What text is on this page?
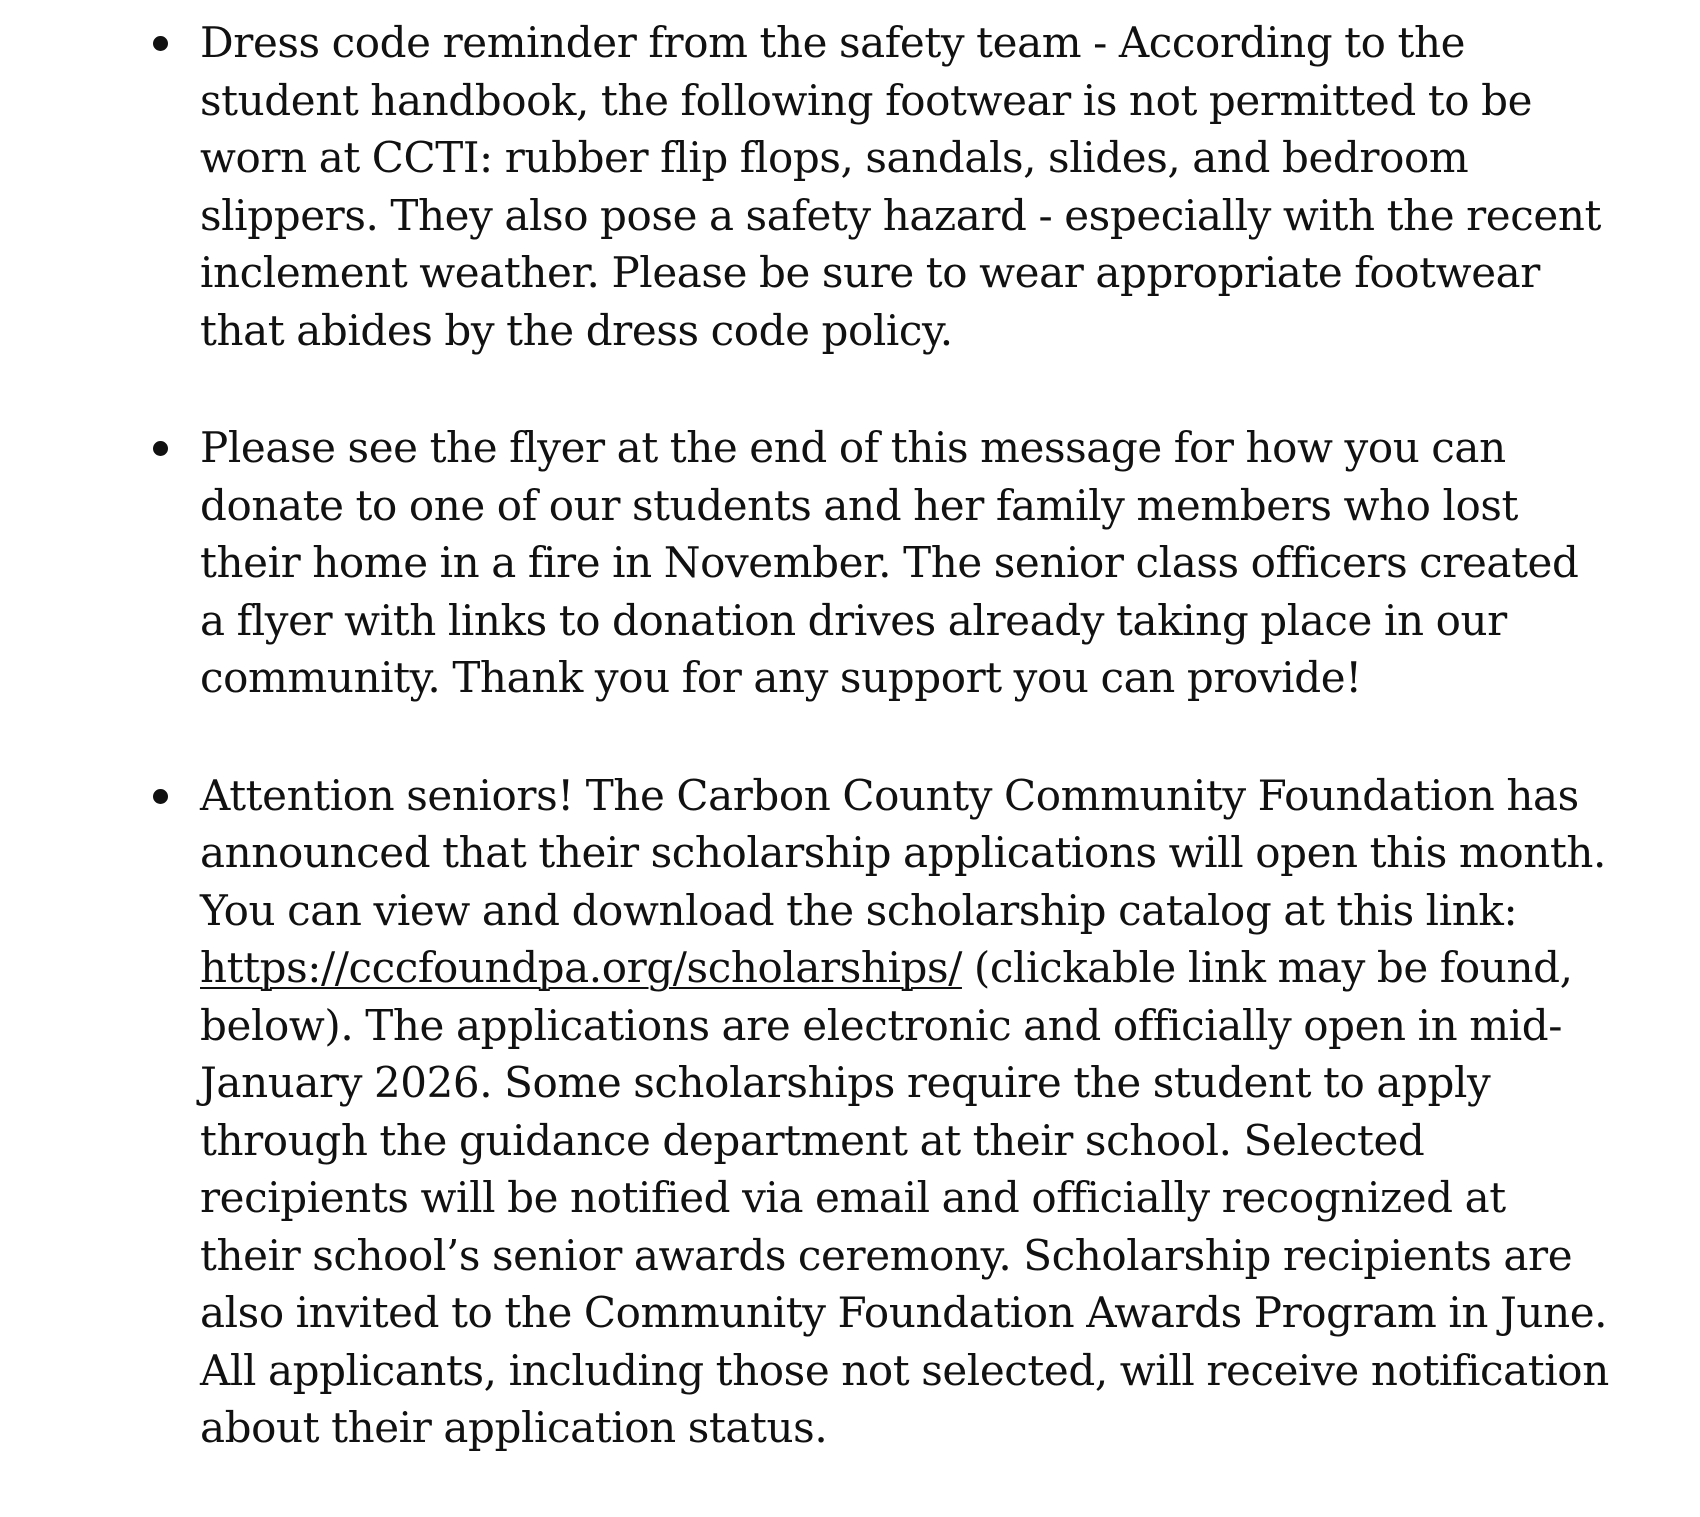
Dress code reminder from the safety team - According to the student handbook, the following footwear is not permitted to be worn at CCTI: rubber flip flops, sandals, slides, and bedroom slippers. They also pose a safety hazard - especially with the recent inclement weather. Please be sure to wear appropriate footwear that abides by the dress code policy.
Please see the flyer at the end of this message for how you can donate to one of our students and her family members who lost their home in a fire in November. The senior class officers created a flyer with links to donation drives already taking place in our community. Thank you for any support you can provide!
Attention seniors! The Carbon County Community Foundation has announced that their scholarship applications will open this month. You can view and download the scholarship catalog at this link: https://cccfoundpa.org/scholarships/ (clickable link may be found, below). The applications are electronic and officially open in mid-January 2026. Some scholarships require the student to apply through the guidance department at their school. Selected recipients will be notified via email and officially recognized at their school’s senior awards ceremony. Scholarship recipients are also invited to the Community Foundation Awards Program in June. All applicants, including those not selected, will receive notification about their application status.
